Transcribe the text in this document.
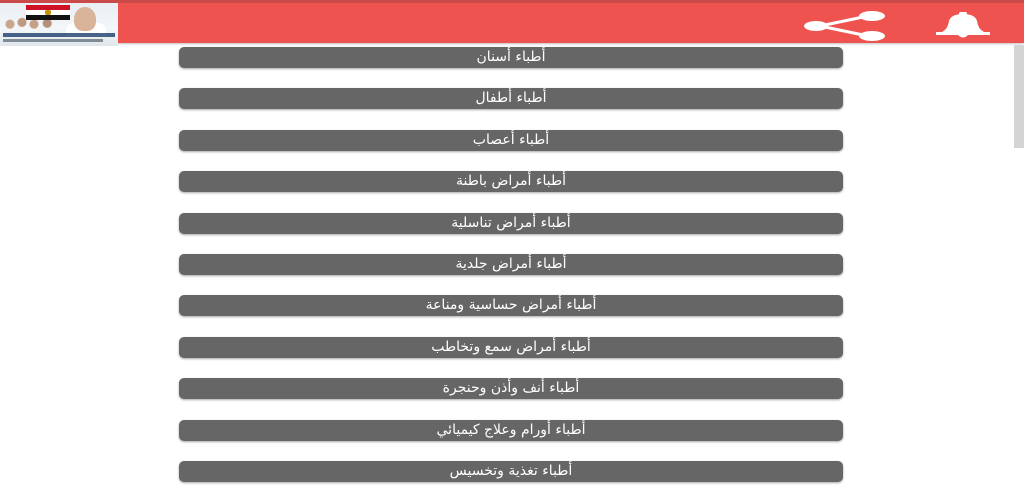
أطباء أسنان
أطباء أطفال
أطباء أعصاب
أطباء أمراض باطنة
أطباء أمراض تناسلية
أطباء أمراض جلدية
أطباء أمراض حساسية ومناعة
أطباء أمراض سمع وتخاطب
أطباء أنف وأذن وحنجرة
أطباء أورام وعلاج كيميائي
أطباء تغذية وتخسيس
